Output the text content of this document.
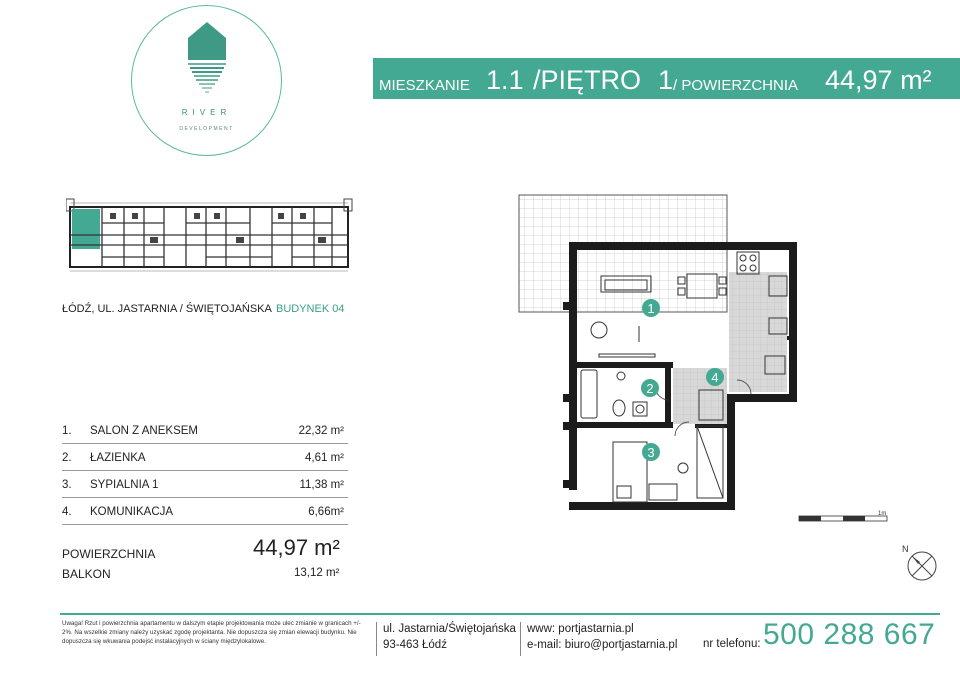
RIVER
DEVELOPMENT
MIESZKANIE 1.1 /PIĘTRO 1 / POWIERZCHNIA 44,97 m²
ŁÓDŹ, UL. JASTARNIA / ŚWIĘTOJAŃSKA BUDYNEK 04
1. SALON Z ANEKSEM	22,32 m²
2. ŁAZIENKA	4,61 m²
3. SYPIALNIA 1	11,38 m²
4. KOMUNIKACJA	6,66m²
POWIERZCHNIA	44,97 m²
BALKON	13,12 m²
1
2
3
4
1m
N
Uwaga! Rzut i powierzchnia apartamentu w dalszym etapie projektowania może ulec zmianie w granicach +/- 2%. Na wszelkie zmiany należy uzyskać zgodę projektanta. Nie dopuszcza się zmian elewacji budynku. Nie dopuszcza się wkuwania podejść instalacyjnych w ściany międzylokalowe.
ul. Jastarnia/Świętojańska
93-463 Łódź
www: portjastarnia.pl
e-mail: biuro@portjastarnia.pl nr telefonu: 500 288 667
